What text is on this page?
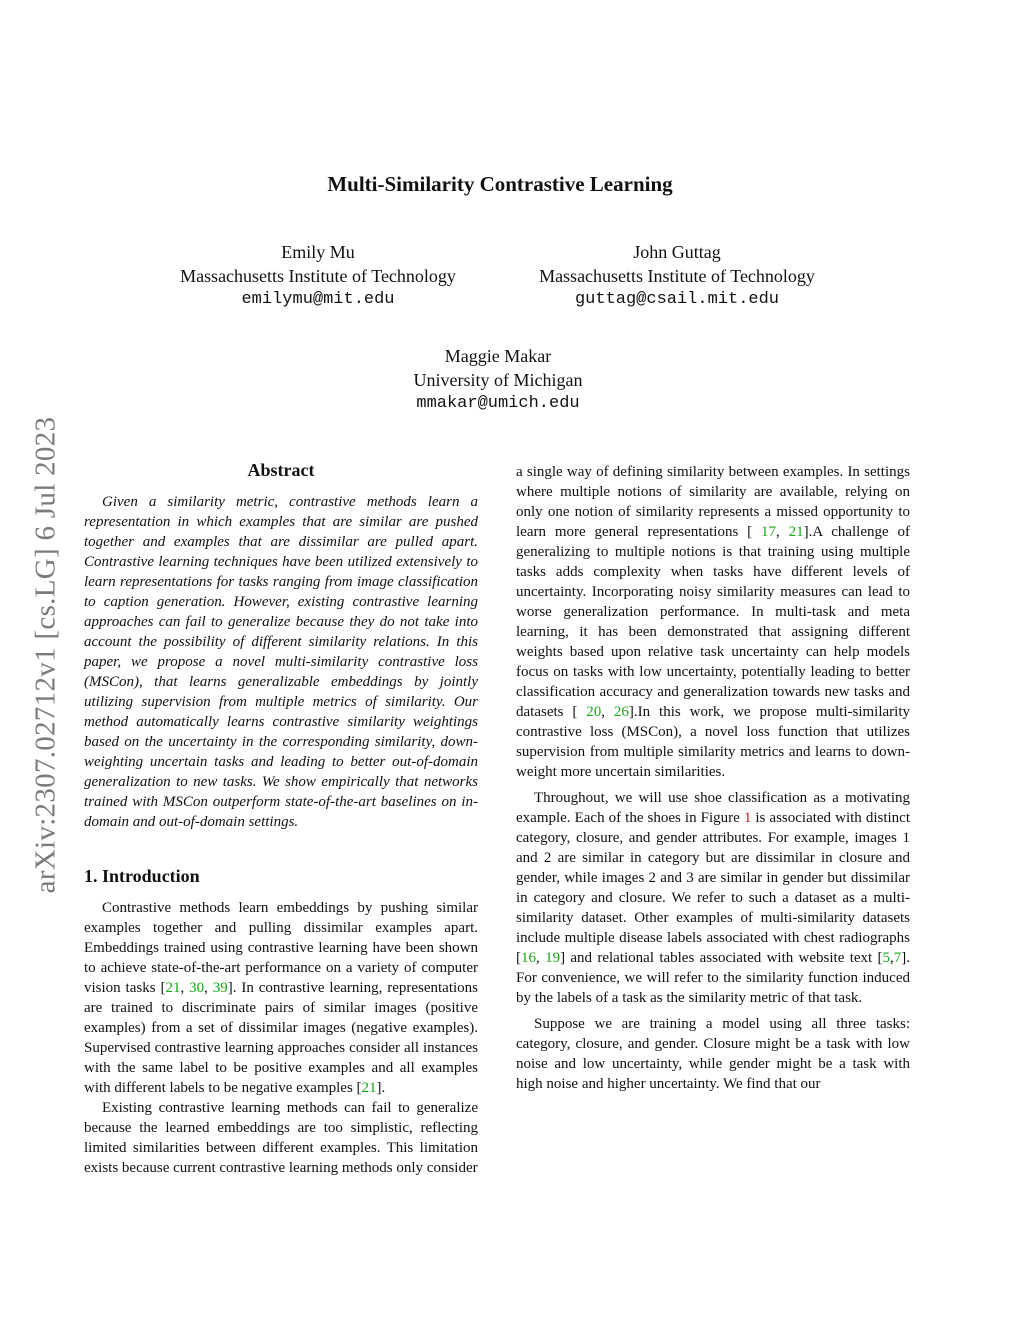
arXiv:2307.02712v1 [cs.LG] 6 Jul 2023
Multi-Similarity Contrastive Learning
Emily Mu
Massachusetts Institute of Technology
emilymu@mit.edu
John Guttag
Massachusetts Institute of Technology
guttag@csail.mit.edu
Maggie Makar
University of Michigan
mmakar@umich.edu
Abstract

Given a similarity metric, contrastive methods learn a representation in which examples that are similar are pushed together and examples that are dissimilar are pulled apart. Contrastive learning techniques have been utilized extensively to learn representations for tasks ranging from image classification to caption generation. However, existing contrastive learning approaches can fail to generalize because they do not take into account the possibility of different similarity relations. In this paper, we propose a novel multi-similarity contrastive loss (MSCon), that learns generalizable embeddings by jointly utilizing supervision from multiple metrics of similarity. Our method automatically learns contrastive similarity weightings based on the uncertainty in the corresponding similarity, down-weighting uncertain tasks and leading to better out-of-domain generalization to new tasks. We show empirically that networks trained with MSCon outperform state-of-the-art baselines on in-domain and out-of-domain settings.

1. Introduction

Contrastive methods learn embeddings by pushing similar examples together and pulling dissimilar examples apart. Embeddings trained using contrastive learning have been shown to achieve state-of-the-art performance on a variety of computer vision tasks [21, 30, 39]. In contrastive learning, representations are trained to discriminate pairs of similar images (positive examples) from a set of dissimilar images (negative examples). Supervised contrastive learning approaches consider all instances with the same label to be positive examples and all examples with different labels to be negative examples [21].

Existing contrastive learning methods can fail to generalize because the learned embeddings are too simplistic, reflecting limited similarities between different examples. This limitation exists because current contrastive learning methods only consider

a single way of defining similarity between examples. In settings where multiple notions of similarity are available, relying on only one notion of similarity represents a missed opportunity to learn more general representations [ 17, 21].A challenge of generalizing to multiple notions is that training using multiple tasks adds complexity when tasks have different levels of uncertainty. Incorporating noisy similarity measures can lead to worse generalization performance. In multi-task and meta learning, it has been demonstrated that assigning different weights based upon relative task uncertainty can help models focus on tasks with low uncertainty, potentially leading to better classification accuracy and generalization towards new tasks and datasets [ 20, 26].In this work, we propose multi-similarity contrastive loss (MSCon), a novel loss function that utilizes supervision from multiple similarity metrics and learns to down-weight more uncertain similarities.

Throughout, we will use shoe classification as a motivating example. Each of the shoes in Figure 1 is associated with distinct category, closure, and gender attributes. For example, images 1 and 2 are similar in category but are dissimilar in closure and gender, while images 2 and 3 are similar in gender but dissimilar in category and closure. We refer to such a dataset as a multi-similarity dataset. Other examples of multi-similarity datasets include multiple disease labels associated with chest radiographs [16, 19] and relational tables associated with website text [5,7]. For convenience, we will refer to the similarity function induced by the labels of a task as the similarity metric of that task.

Suppose we are training a model using all three tasks: category, closure, and gender. Closure might be a task with low noise and low uncertainty, while gender might be a task with high noise and higher uncertainty. We find that our
